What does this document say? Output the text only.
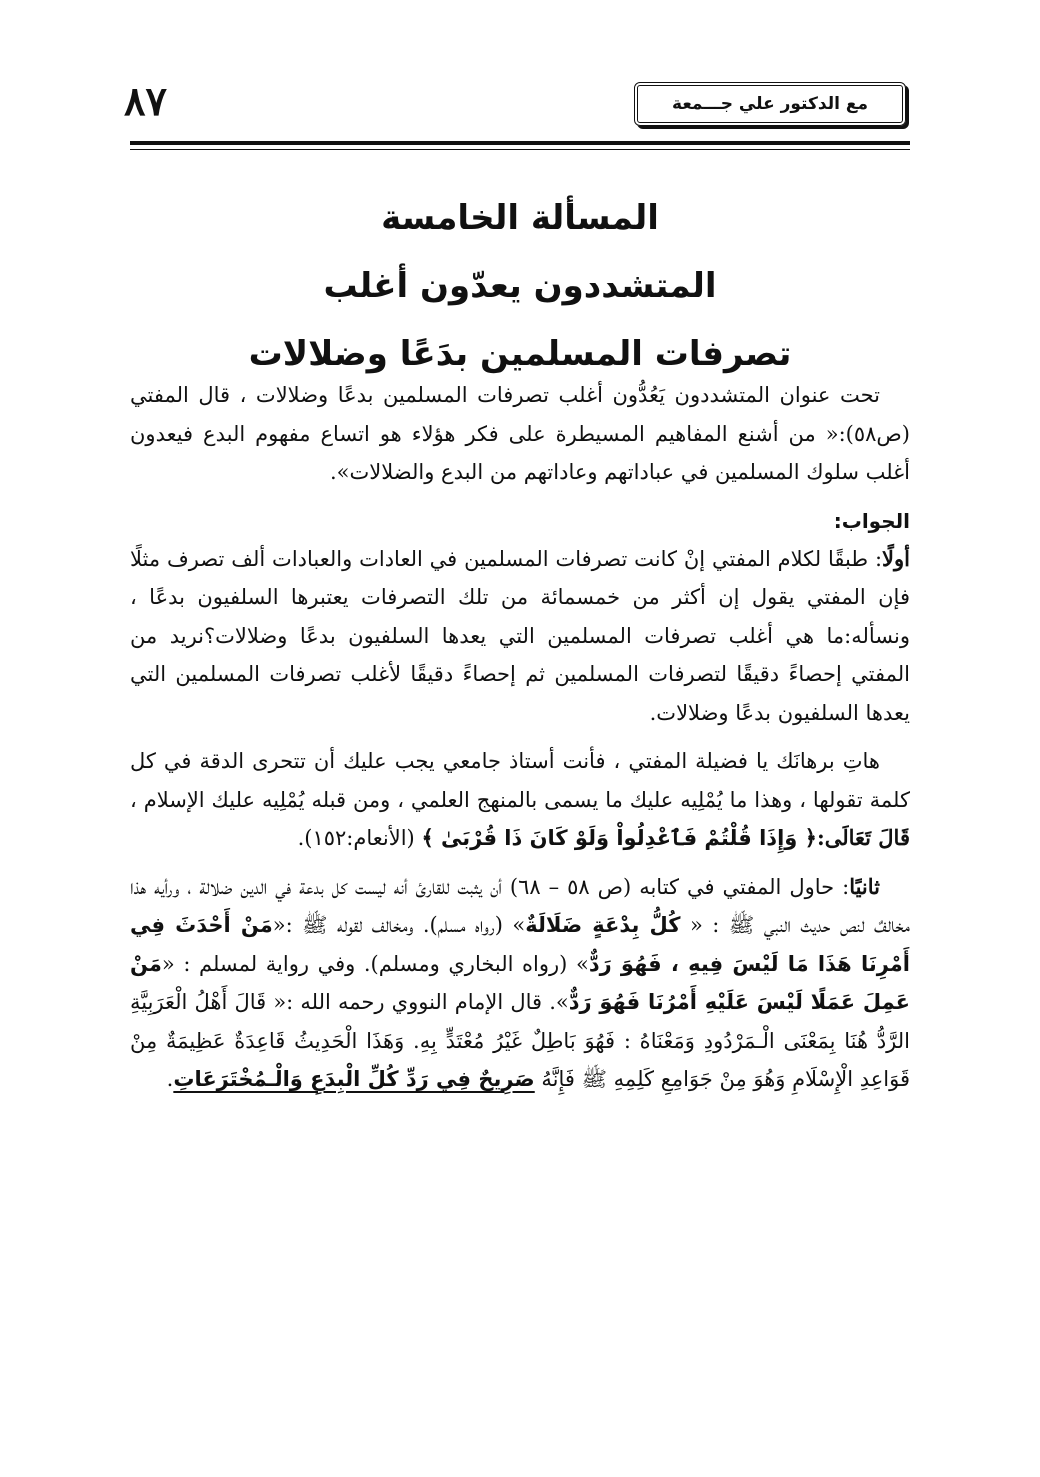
٨٧	مع الدكتور علي جـــمعة
المسألة الخامسة
المتشددون يعدّون أغلب
تصرفات المسلمين بدَعًا وضلالات

تحت عنوان المتشددون يَعُدُّون أغلب تصرفات المسلمين بدعًا وضلالات ، قال المفتي (ص٥٨):« من أشنع المفاهيم المسيطرة على فكر هؤلاء هو اتساع مفهوم البدع فيعدون أغلب سلوك المسلمين في عباداتهم وعاداتهم من البدع والضلالات».

الجواب:

أولًا: طبقًا لكلام المفتي إنْ كانت تصرفات المسلمين في العادات والعبادات ألف تصرف مثلًا فإن المفتي يقول إن أكثر من خمسمائة من تلك التصرفات يعتبرها السلفيون بدعًا ، ونسأله:ما هي أغلب تصرفات المسلمين التي يعدها السلفيون بدعًا وضلالات؟نريد من المفتي إحصاءً دقيقًا لتصرفات المسلمين ثم إحصاءً دقيقًا لأغلب تصرفات المسلمين التي يعدها السلفيون بدعًا وضلالات.

هاتِ برهانَك يا فضيلة المفتي ، فأنت أستاذ جامعي يجب عليك أن تتحرى الدقة في كل كلمة تقولها ، وهذا ما يُمْلِيه عليك ما يسمى بالمنهج العلمي ، ومن قبله يُمْلِيه عليك الإسلام ، قَالَ تَعَالَى:﴿ وَإِذَا قُلْتُمْ فَٱعْدِلُواْ وَلَوْ كَانَ ذَا قُرْبَىٰ ﴾ (الأنعام:١٥٢).

ثانيًا: حاول المفتي في كتابه (ص ٥٨ – ٦٨) أن يثبت للقارئ أنه ليست كل بدعة في الدين ضلالة ، ورأيه هذا مخالفٌ لنص حديث النبي ﷺ : « كُلُّ بِدْعَةٍ ضَلَالَةٌ» (رواه مسلم). ومخالف لقوله ﷺ :«مَنْ أَحْدَثَ فِي أَمْرِنَا هَذَا مَا لَيْسَ فِيهِ ، فَهُوَ رَدٌّ» (رواه البخاري ومسلم). وفي رواية لمسلم : «مَنْ عَمِلَ عَمَلًا لَيْسَ عَلَيْهِ أَمْرُنَا فَهُوَ رَدٌّ». قال الإمام النووي رحمه الله :« قَالَ أَهْلُ الْعَرَبِيَّةِ الرَّدُّ هُنَا بِمَعْنَى الْـمَرْدُودِ وَمَعْنَاهُ : فَهُوَ بَاطِلٌ غَيْرُ مُعْتَدٍّ بِهِ. وَهَذَا الْحَدِيثُ قَاعِدَةٌ عَظِيمَةٌ مِنْ قَوَاعِدِ الْإِسْلَامِ وَهُوَ مِنْ جَوَامِعِ كَلِمِهِ ﷺ فَإِنَّهُ صَرِيحٌ فِي رَدِّ كُلِّ الْبِدَعِ وَالْـمُخْتَرَعَاتِ.
